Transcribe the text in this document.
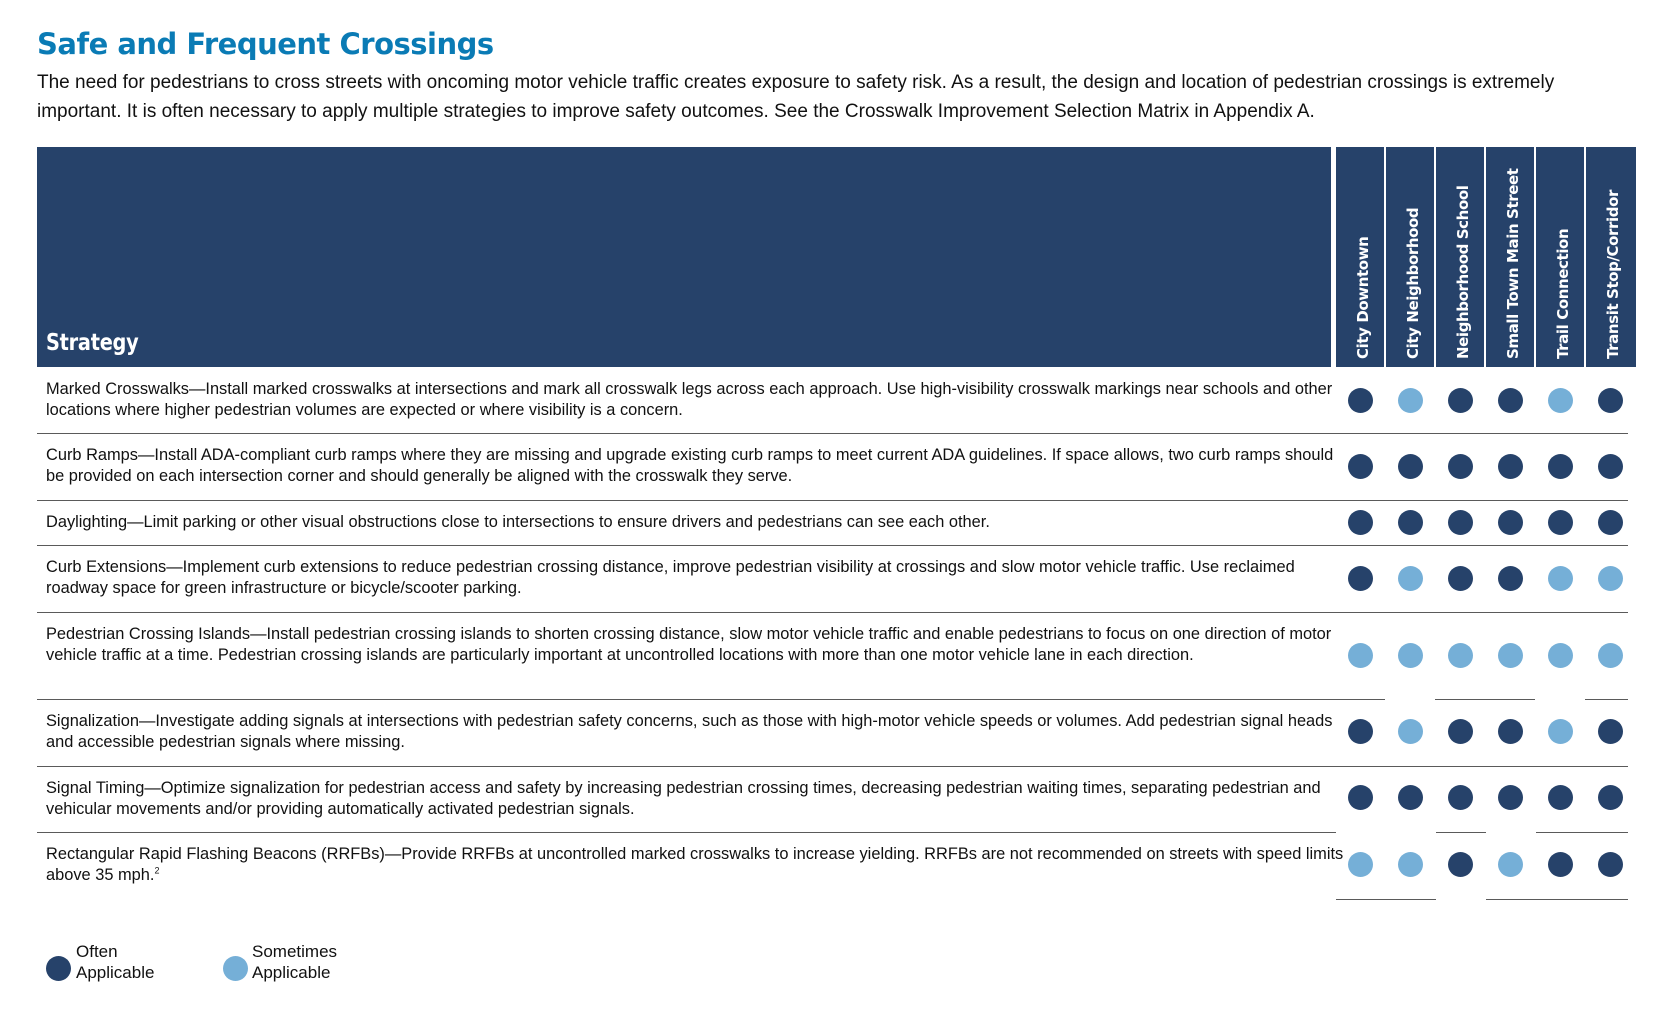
Safe and Frequent Crossings

The need for pedestrians to cross streets with oncoming motor vehicle traffic creates exposure to safety risk. As a result, the design and location of pedestrian crossings is extremely important. It is often necessary to apply multiple strategies to improve safety outcomes. See the Crosswalk Improvement Selection Matrix in Appendix A.

Strategy	City Downtown City Neighborhood Neighborhood School Small Town Main Street Trail Connection Transit Stop/Corridor

Marked Crosswalks—Install marked crosswalks at intersections and mark all crosswalk legs across each approach. Use high-visibility crosswalk markings near schools and other locations where higher pedestrian volumes are expected or where visibility is a concern.

Curb Ramps—Install ADA-compliant curb ramps where they are missing and upgrade existing curb ramps to meet current ADA guidelines. If space allows, two curb ramps should be provided on each intersection corner and should generally be aligned with the crosswalk they serve.

Daylighting—Limit parking or other visual obstructions close to intersections to ensure drivers and pedestrians can see each other.

Curb Extensions—Implement curb extensions to reduce pedestrian crossing distance, improve pedestrian visibility at crossings and slow motor vehicle traffic. Use reclaimed roadway space for green infrastructure or bicycle/scooter parking.

Pedestrian Crossing Islands—Install pedestrian crossing islands to shorten crossing distance, slow motor vehicle traffic and enable pedestrians to focus on one direction of motor vehicle traffic at a time. Pedestrian crossing islands are particularly important at uncontrolled locations with more than one motor vehicle lane in each direction.

Signalization—Investigate adding signals at intersections with pedestrian safety concerns, such as those with high-motor vehicle speeds or volumes. Add pedestrian signal heads and accessible pedestrian signals where missing.

Signal Timing—Optimize signalization for pedestrian access and safety by increasing pedestrian crossing times, decreasing pedestrian waiting times, separating pedestrian and vehicular movements and/or providing automatically activated pedestrian signals.

Rectangular Rapid Flashing Beacons (RRFBs)—Provide RRFBs at uncontrolled marked crosswalks to increase yielding. RRFBs are not recommended on streets with speed limits above 35 mph.$^2$

Often
Applicable

Sometimes
Applicable
